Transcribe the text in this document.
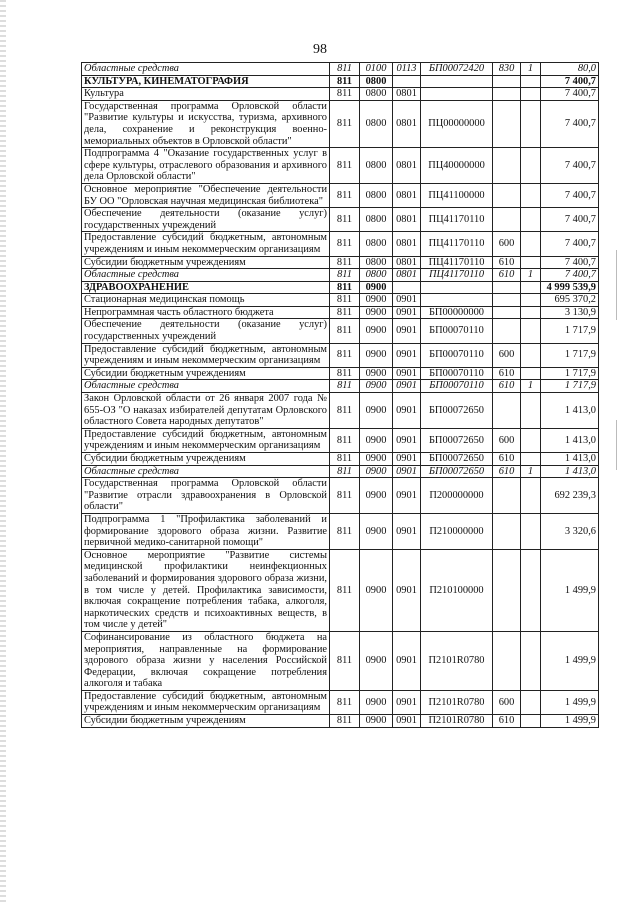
98
Областные средства	811	0100	0113	БП00072420	830	1	80,0
КУЛЬТУРА, КИНЕМАТОГРАФИЯ	811	0800					7 400,7
Культура	811	0800	0801				7 400,7
Государственная программа Орловской области "Развитие культуры и искусства, туризма, архивного дела, сохранение и реконструкция военно-мемориальных объектов в Орловской области"	811	0800	0801	ПЦ00000000			7 400,7
Подпрограмма 4 "Оказание государственных услуг в сфере культуры, отраслевого образования и архивного дела Орловской области"	811	0800	0801	ПЦ40000000			7 400,7
Основное мероприятие "Обеспечение деятельности БУ ОО "Орловская научная медицинская библиотека"	811	0800	0801	ПЦ41100000			7 400,7
Обеспечение деятельности (оказание услуг) государственных учреждений	811	0800	0801	ПЦ41170110			7 400,7
Предоставление субсидий бюджетным, автономным учреждениям и иным некоммерческим организациям	811	0800	0801	ПЦ41170110	600		7 400,7
Субсидии бюджетным учреждениям	811	0800	0801	ПЦ41170110	610		7 400,7
Областные средства	811	0800	0801	ПЦ41170110	610	1	7 400,7
ЗДРАВООХРАНЕНИЕ	811	0900					4 999 539,9
Стационарная медицинская помощь	811	0900	0901				695 370,2
Непрограммная часть областного бюджета	811	0900	0901	БП00000000			3 130,9
Обеспечение деятельности (оказание услуг) государственных учреждений	811	0900	0901	БП00070110			1 717,9
Предоставление субсидий бюджетным, автономным учреждениям и иным некоммерческим организациям	811	0900	0901	БП00070110	600		1 717,9
Субсидии бюджетным учреждениям	811	0900	0901	БП00070110	610		1 717,9
Областные средства	811	0900	0901	БП00070110	610	1	1 717,9
Закон Орловской области от 26 января 2007 года № 655-ОЗ "О наказах избирателей депутатам Орловского областного Совета народных депутатов"	811	0900	0901	БП00072650			1 413,0
Предоставление субсидий бюджетным, автономным учреждениям и иным некоммерческим организациям	811	0900	0901	БП00072650	600		1 413,0
Субсидии бюджетным учреждениям	811	0900	0901	БП00072650	610		1 413,0
Областные средства	811	0900	0901	БП00072650	610	1	1 413,0
Государственная программа Орловской области "Развитие отрасли здравоохранения в Орловской области"	811	0900	0901	П200000000			692 239,3
Подпрограмма 1 "Профилактика заболеваний и формирование здорового образа жизни. Развитие первичной медико-санитарной помощи"	811	0900	0901	П210000000			3 320,6
Основное мероприятие "Развитие системы медицинской профилактики неинфекционных заболеваний и формирования здорового образа жизни, в том числе у детей. Профилактика зависимости, включая сокращение потребления табака, алкоголя, наркотических средств и психоактивных веществ, в том числе у детей"	811	0900	0901	П210100000			1 499,9
Софинансирование из областного бюджета на мероприятия, направленные на формирование здорового образа жизни у населения Российской Федерации, включая сокращение потребления алкоголя и табака	811	0900	0901	П2101R0780			1 499,9
Предоставление субсидий бюджетным, автономным учреждениям и иным некоммерческим организациям	811	0900	0901	П2101R0780	600		1 499,9
Субсидии бюджетным учреждениям	811	0900	0901	П2101R0780	610		1 499,9
